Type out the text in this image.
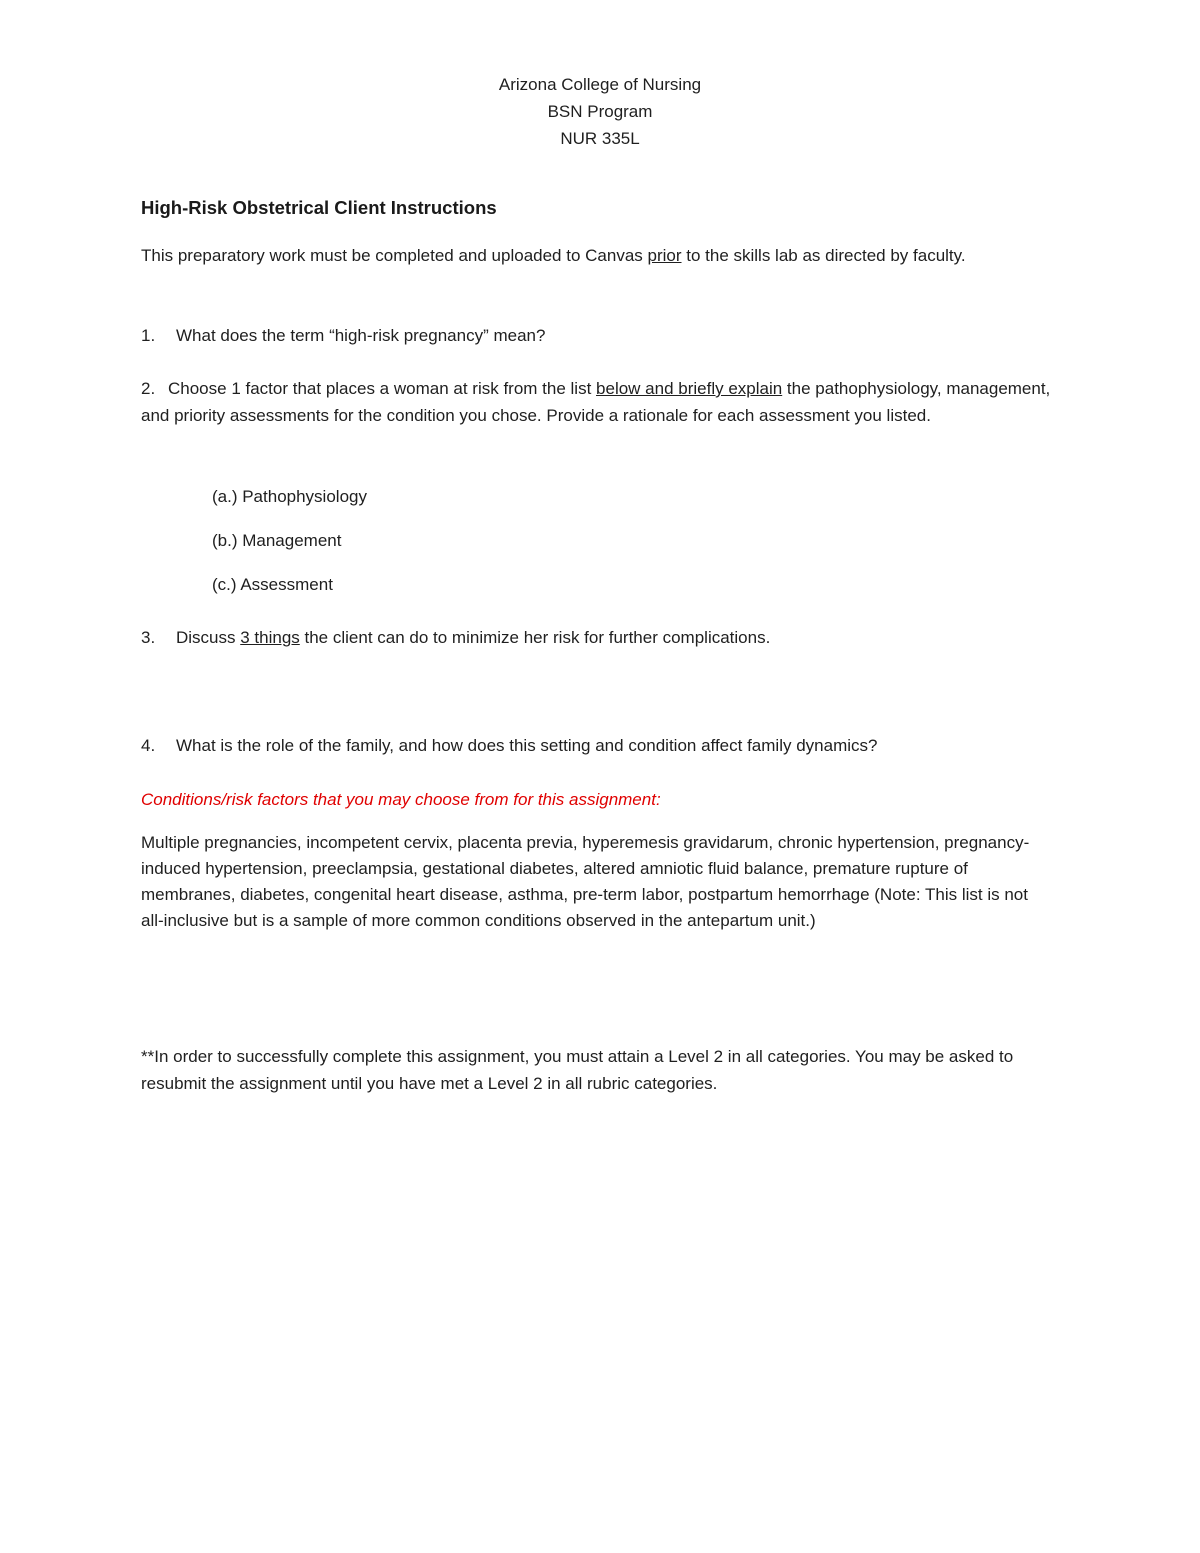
Arizona College of Nursing
BSN Program
NUR 335L
High-Risk Obstetrical Client Instructions
This preparatory work must be completed and uploaded to Canvas prior to the skills lab as directed by faculty.
1. What does the term “high-risk pregnancy” mean?
2. Choose 1 factor that places a woman at risk from the list below and briefly explain the pathophysiology, management, and priority assessments for the condition you chose. Provide a rationale for each assessment you listed.
(a.) Pathophysiology
(b.) Management
(c.) Assessment
3. Discuss 3 things the client can do to minimize her risk for further complications.
4. What is the role of the family, and how does this setting and condition affect family dynamics?
Conditions/risk factors that you may choose from for this assignment:
Multiple pregnancies, incompetent cervix, placenta previa, hyperemesis gravidarum, chronic hypertension, pregnancy-induced hypertension, preeclampsia, gestational diabetes, altered amniotic fluid balance, premature rupture of membranes, diabetes, congenital heart disease, asthma, pre-term labor, postpartum hemorrhage (Note: This list is not all-inclusive but is a sample of more common conditions observed in the antepartum unit.)
**In order to successfully complete this assignment, you must attain a Level 2 in all categories. You may be asked to resubmit the assignment until you have met a Level 2 in all rubric categories.
